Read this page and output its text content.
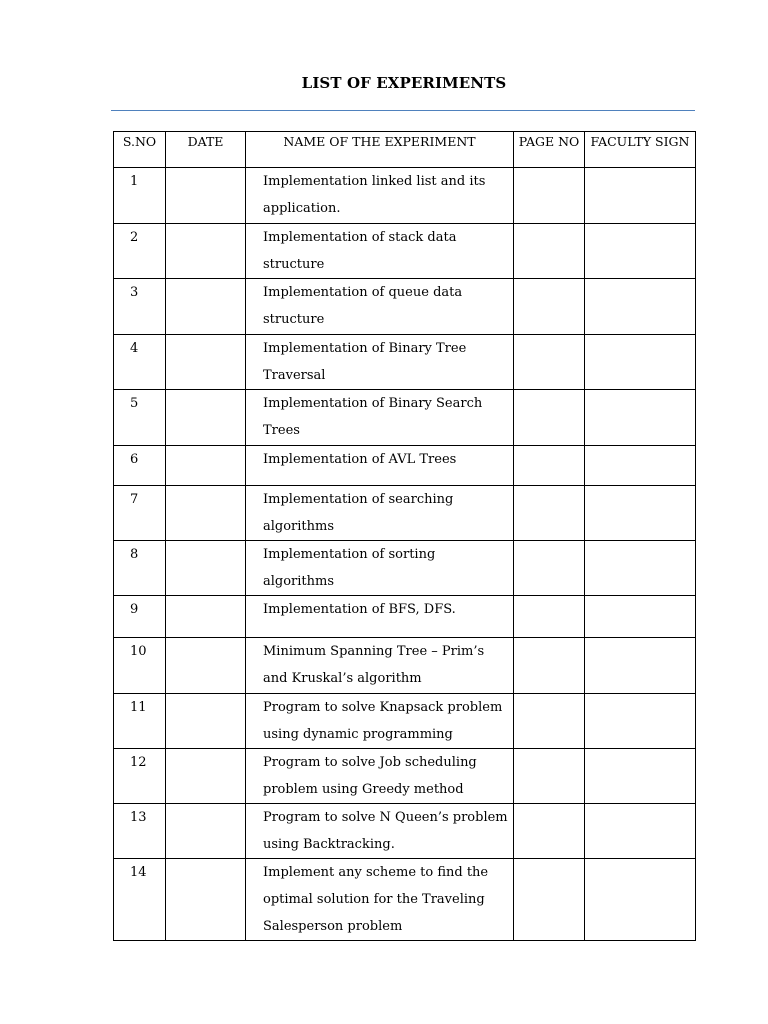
LIST OF EXPERIMENTS
S.NO	DATE	NAME OF THE EXPERIMENT	PAGE NO	FACULTY SIGN
1		Implementation linked list and its application.		
2		Implementation of stack data structure		
3		Implementation of queue data structure		
4		Implementation of Binary Tree Traversal		
5		Implementation of Binary Search Trees		
6		Implementation of AVL Trees		
7		Implementation of searching algorithms		
8		Implementation of sorting algorithms		
9		Implementation of BFS, DFS.		
10		Minimum Spanning Tree – Prim’s and Kruskal’s algorithm		
11		Program to solve Knapsack problem using dynamic programming		
12		Program to solve Job scheduling problem using Greedy method		
13		Program to solve N Queen’s problem using Backtracking.		
14		Implement any scheme to find the optimal solution for the Traveling Salesperson problem		
